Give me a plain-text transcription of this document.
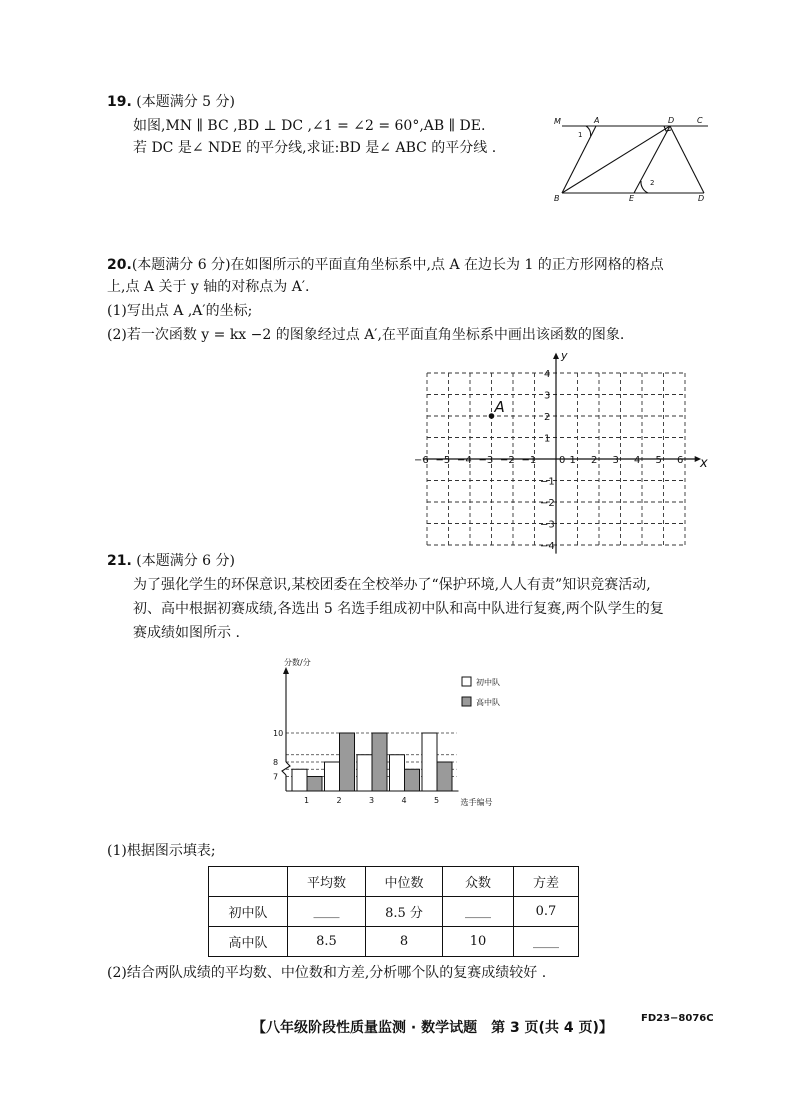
19. (本题满分 5 分)
如图,MN ∥ BC ,BD ⊥ DC ,∠1 = ∠2 = 60°,AB ∥ DE.
若 DC 是∠ NDE 的平分线,求证:BD 是∠ ABC 的平分线 .
M	A	D	C
B	E	D
1
2
20.(本题满分 6 分)在如图所示的平面直角坐标系中,点 A 在边长为 1 的正方形网格的格点
上,点 A 关于 y 轴的对称点为 A′.
(1)写出点 A ,A′的坐标;
(2)若一次函数 y = kx −2 的图象经过点 A′,在平面直角坐标系中画出该函数的图象.
−6 −5 −4 −3 −2 −1	1 2 3 4 5 6
4
3
2
1
−1
−2
−3
−4
0	x
y
A
21. (本题满分 6 分)
为了强化学生的环保意识,某校团委在全校举办了“保护环境,人人有责”知识竞赛活动,
初、高中根据初赛成绩,各选出 5 名选手组成初中队和高中队进行复赛,两个队学生的复
赛成绩如图所示 .
1	2	3	4	5
7
8
10
分数/分
选手编号
初中队
高中队
(1)根据图示填表;
	平均数	中位数	众数	方差
初中队	____	8.5 分	____	0.7
高中队	8.5	8	10	____
(2)结合两队成绩的平均数、中位数和方差,分析哪个队的复赛成绩较好 .
【八年级阶段性质量监测 · 数学试题　第 3 页(共 4 页)】
FD23−8076C
